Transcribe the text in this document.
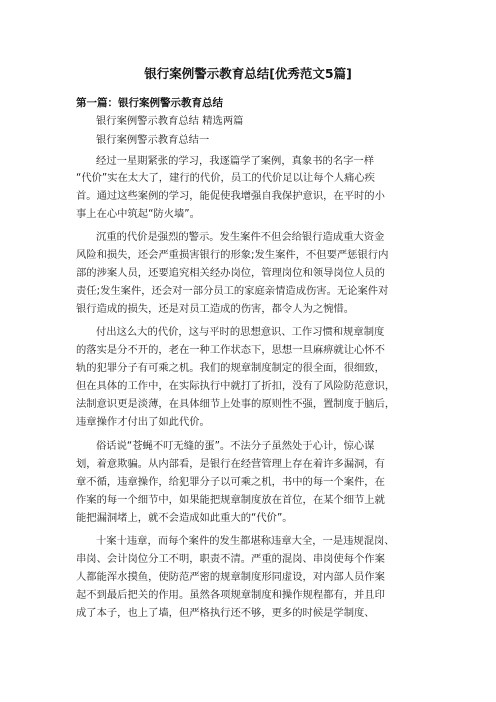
银行案例警示教育总结[优秀范文5篇]
第一篇：银行案例警示教育总结
银行案例警示教育总结 精选两篇
银行案例警示教育总结一
经过一星期紧张的学习，我逐篇学了案例，真象书的名字一样
“代价”实在太大了，建行的代价，员工的代价足以让每个人痛心疾
首。通过这些案例的学习，能促使我增强自我保护意识，在平时的小
事上在心中筑起“防火墙”。
沉重的代价是强烈的警示。发生案件不但会给银行造成重大资金
风险和损失，还会严重损害银行的形象;发生案件，不但要严惩银行内
部的涉案人员，还要追究相关经办岗位，管理岗位和领导岗位人员的
责任;发生案件，还会对一部分员工的家庭亲情造成伤害。无论案件对
银行造成的损失，还是对员工造成的伤害，都令人为之惋惜。
付出这么大的代价，这与平时的思想意识、工作习惯和规章制度
的落实是分不开的，老在一种工作状态下，思想一旦麻痹就让心怀不
轨的犯罪分子有可乘之机。我们的规章制度制定的很全面，很细致，
但在具体的工作中，在实际执行中就打了折扣，没有了风险防范意识，
法制意识更是淡薄，在具体细节上处事的原则性不强，置制度于脑后，
违章操作才付出了如此代价。
俗话说“苍蝇不叮无缝的蛋”。不法分子虽然处于心计，惊心谋
划，着意欺骗。从内部看，是银行在经营管理上存在着许多漏洞，有
章不循，违章操作，给犯罪分子以可乘之机，书中的每一个案件，在
作案的每一个细节中，如果能把规章制度放在首位，在某个细节上就
能把漏洞堵上，就不会造成如此重大的“代价”。
十案十违章，而每个案件的发生都堪称违章大全，一是违规混岗、
串岗、会计岗位分工不明，职责不清。严重的混岗、串岗使每个作案
人都能浑水摸鱼，使防范严密的规章制度形同虚设，对内部人员作案
起不到最后把关的作用。虽然各项规章制度和操作规程都有，并且印
成了本子，也上了墙，但严格执行还不够，更多的时候是学制度、
